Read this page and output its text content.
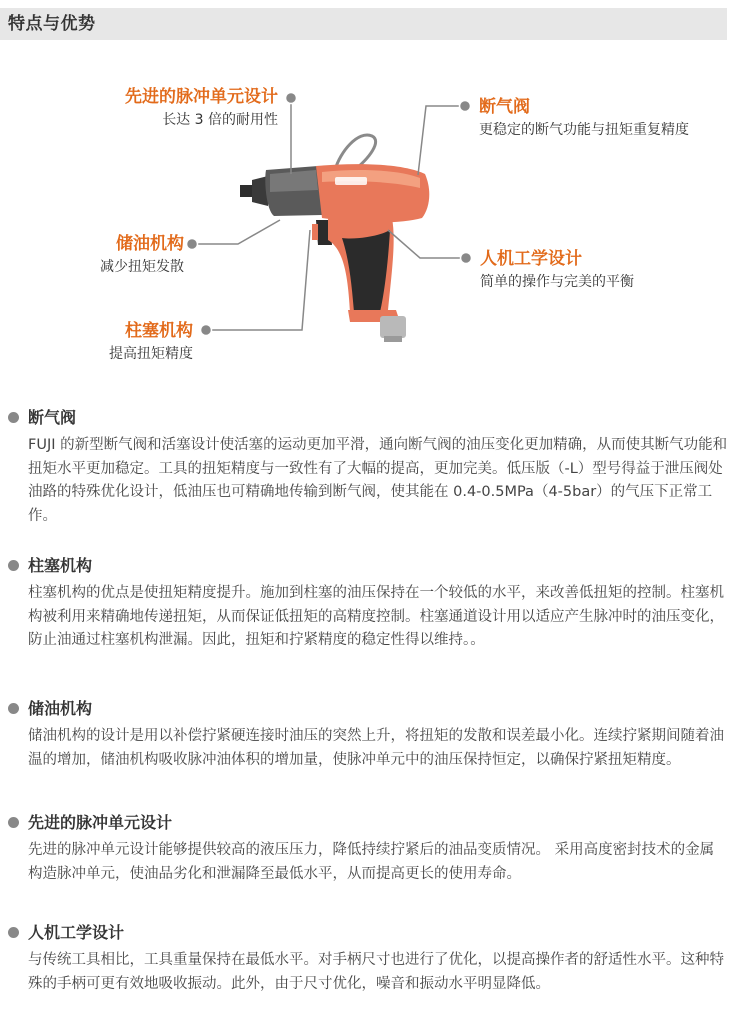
特点与优势
先进的脉冲单元设计
长达 3 倍的耐用性
断气阀
更稳定的断气功能与扭矩重复精度
储油机构
减少扭矩发散	人机工学设计
简单的操作与完美的平衡
柱塞机构
提高扭矩精度
断气阀
FUJI 的新型断气阀和活塞设计使活塞的运动更加平滑，通向断气阀的油压变化更加精确，从而使其断气功能和扭矩水平更加稳定。工具的扭矩精度与一致性有了大幅的提高，更加完美。低压版（-L）型号得益于泄压阀处油路的特殊优化设计，低油压也可精确地传输到断气阀，使其能在 0.4-0.5MPa（4-5bar）的气压下正常工作。
柱塞机构
柱塞机构的优点是使扭矩精度提升。施加到柱塞的油压保持在一个较低的水平，来改善低扭矩的控制。柱塞机构被利用来精确地传递扭矩，从而保证低扭矩的高精度控制。柱塞通道设计用以适应产生脉冲时的油压变化，防止油通过柱塞机构泄漏。因此，扭矩和拧紧精度的稳定性得以维持。。
储油机构
储油机构的设计是用以补偿拧紧硬连接时油压的突然上升，将扭矩的发散和误差最小化。连续拧紧期间随着油温的增加，储油机构吸收脉冲油体积的增加量，使脉冲单元中的油压保持恒定，以确保拧紧扭矩精度。
先进的脉冲单元设计
先进的脉冲单元设计能够提供较高的液压压力，降低持续拧紧后的油品变质情况。 采用高度密封技术的金属构造脉冲单元，使油品劣化和泄漏降至最低水平，从而提高更长的使用寿命。
人机工学设计
与传统工具相比，工具重量保持在最低水平。对手柄尺寸也进行了优化，以提高操作者的舒适性水平。这种特殊的手柄可更有效地吸收振动。此外，由于尺寸优化，噪音和振动水平明显降低。
